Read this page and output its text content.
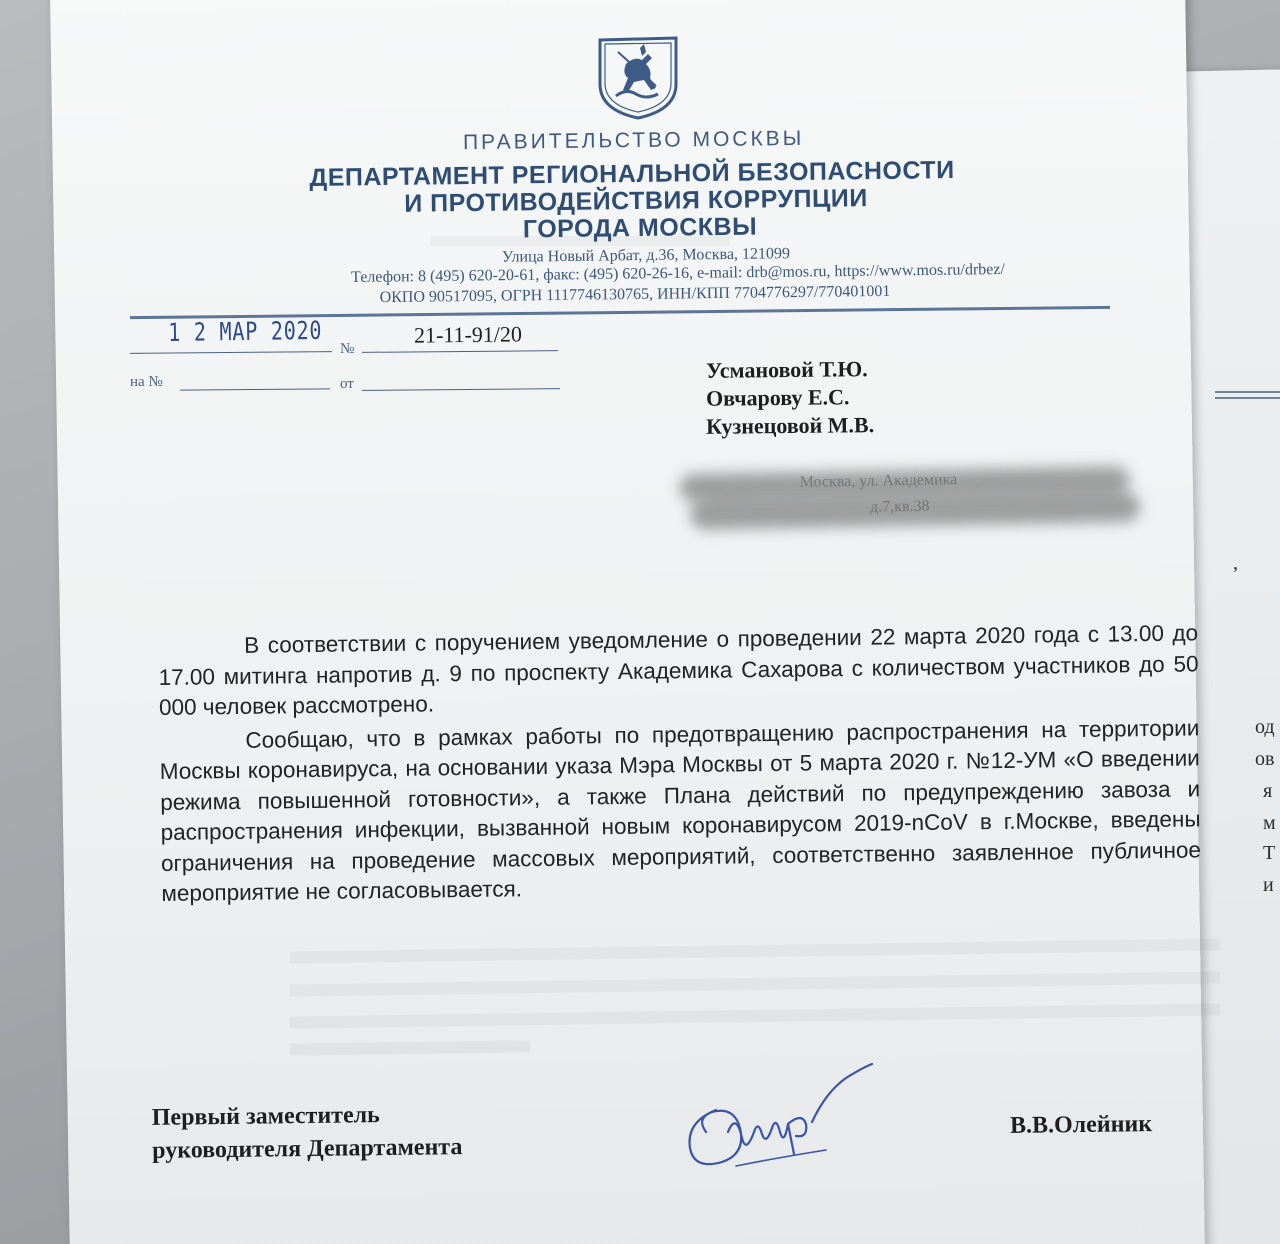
,
од
ов
я
м
Т
и
ПРАВИТЕЛЬСТВО МОСКВЫ
ДЕПАРТАМЕНТ РЕГИОНАЛЬНОЙ БЕЗОПАСНОСТИ
И ПРОТИВОДЕЙСТВИЯ КОРРУПЦИИ
ГОРОДА МОСКВЫ
Улица Новый Арбат, д.36, Москва, 121099
Телефон: 8 (495) 620-20-61, факс: (495) 620-26-16, e-mail: drb@mos.ru, https://www.mos.ru/drbez/
ОКПО 90517095, ОГРН 1117746130765, ИНН/КПП 7704776297/770401001
1 2 МАР 2020
№
21-11-91/20
на №	от
Усмановой Т.Ю.
Овчарову Е.С.
Кузнецовой М.В.

В соответствии с поручением уведомление о проведении 22 марта 2020 года с 13.00 до 17.00 митинга напротив д. 9 по проспекту Академика Сахарова с количеством участников до 50 000 человек рассмотрено.

Сообщаю, что в рамках работы по предотвращению распространения на территории Москвы коронавируса, на основании указа Мэра Москвы от 5 марта 2020 г. №12-УМ «О введении режима повышенной готовности», а также Плана действий по предупреждению завоза и распространения инфекции, вызванной новым коронавирусом 2019-nCoV в г.Москве, введены ограничения на проведение массовых мероприятий, соответственно заявленное публичное мероприятие не согласовывается.

Первый заместитель
руководителя Департамента
В.В.Олейник
